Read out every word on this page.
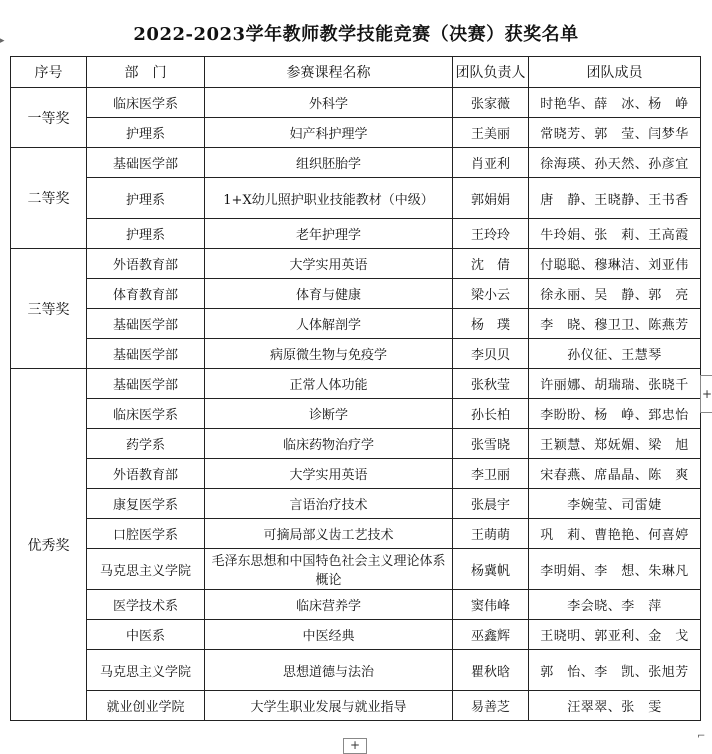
▸	2022-2023学年教师教学技能竞赛（决赛）获奖名单
序号	部　门	参赛课程名称	团队负责人	团队成员
一等奖	临床医学系	外科学	张家薇	时艳华、薛　冰、杨　峥
	护理系	妇产科护理学	王美丽	常晓芳、郭　莹、闫梦华
二等奖	基础医学部	组织胚胎学	肖亚利	徐海瑛、孙天然、孙彦宜
	护理系	1+X幼儿照护职业技能教材（中级）	郭娟娟	唐　静、王晓静、王书香
	护理系	老年护理学	王玲玲	牛玲娟、张　莉、王高霞
三等奖	外语教育部	大学实用英语	沈　倩	付聪聪、穆琳洁、刘亚伟
	体育教育部	体育与健康	梁小云	徐永丽、吴　静、郭　亮
	基础医学部	人体解剖学	杨　璞	李　晓、穆卫卫、陈燕芳
	基础医学部	病原微生物与免疫学	李贝贝	孙仪征、王慧琴
优秀奖	基础医学部	正常人体功能	张秋莹	许丽娜、胡瑞瑞、张晓千
	临床医学系	诊断学	孙长柏	李盼盼、杨　峥、郅忠怡
	药学系	临床药物治疗学	张雪晓	王颖慧、郑妩媚、梁　旭
	外语教育部	大学实用英语	李卫丽	宋春燕、席晶晶、陈　爽
	康复医学系	言语治疗技术	张晨宇	李婉莹、司雷婕
	口腔医学系	可摘局部义齿工艺技术	王萌萌	巩　莉、曹艳艳、何喜婷
	马克思主义学院	毛泽东思想和中国特色社会主义理论体系概论	杨冀帆	李明娟、李　想、朱琳凡
	医学技术系	临床营养学	窦伟峰	李会晓、李　萍
	中医系	中医经典	巫鑫辉	王晓明、郭亚利、金　戈
	马克思主义学院	思想道德与法治	瞿秋晗	郭　怡、李　凯、张旭芳
	就业创业学院	大学生职业发展与就业指导	易善芝	汪翠翠、张　雯
+
+
⌐
